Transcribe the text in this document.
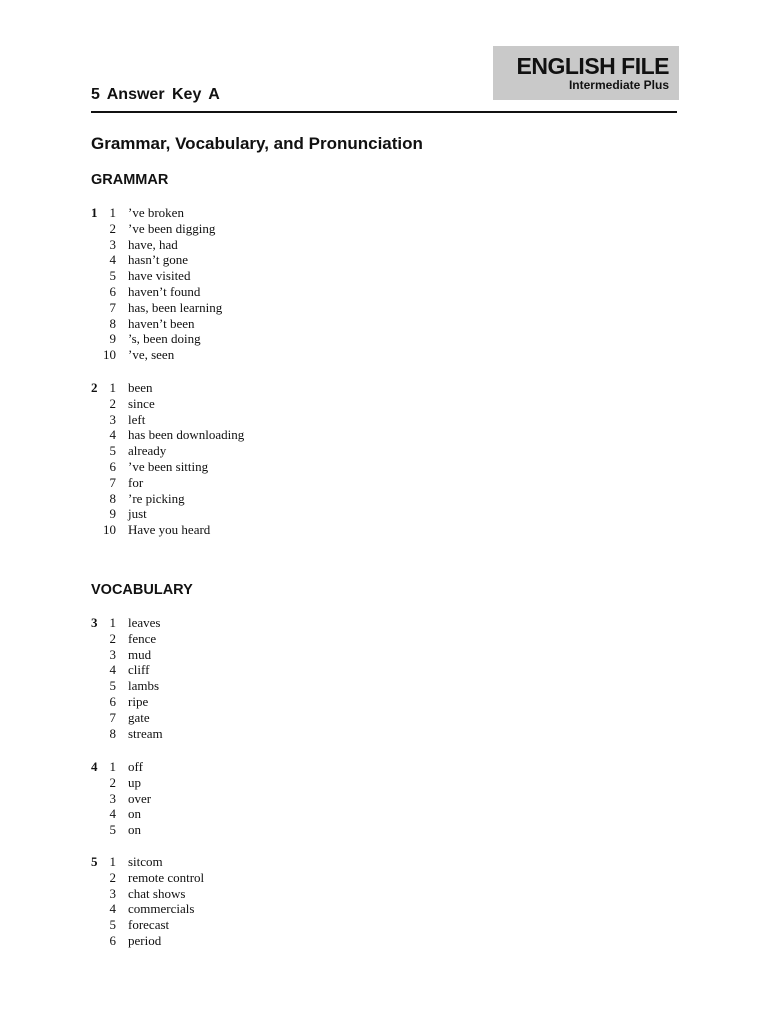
ENGLISH FILE
Intermediate Plus
5 Answer Key A
Grammar, Vocabulary, and Pronunciation
GRAMMAR
1 1 ’ve broken
2 ’ve been digging
3 have, had
4 hasn’t gone
5 have visited
6 haven’t found
7 has, been learning
8 haven’t been
9 ’s, been doing
10 ’ve, seen
2 1 been
2 since
3 left
4 has been downloading
5 already
6 ’ve been sitting
7 for
8 ’re picking
9 just
10 Have you heard
VOCABULARY
3 1 leaves
2 fence
3 mud
4 cliff
5 lambs
6 ripe
7 gate
8 stream
4 1 off
2 up
3 over
4 on
5 on
5 1 sitcom
2 remote control
3 chat shows
4 commercials
5 forecast
6 period
